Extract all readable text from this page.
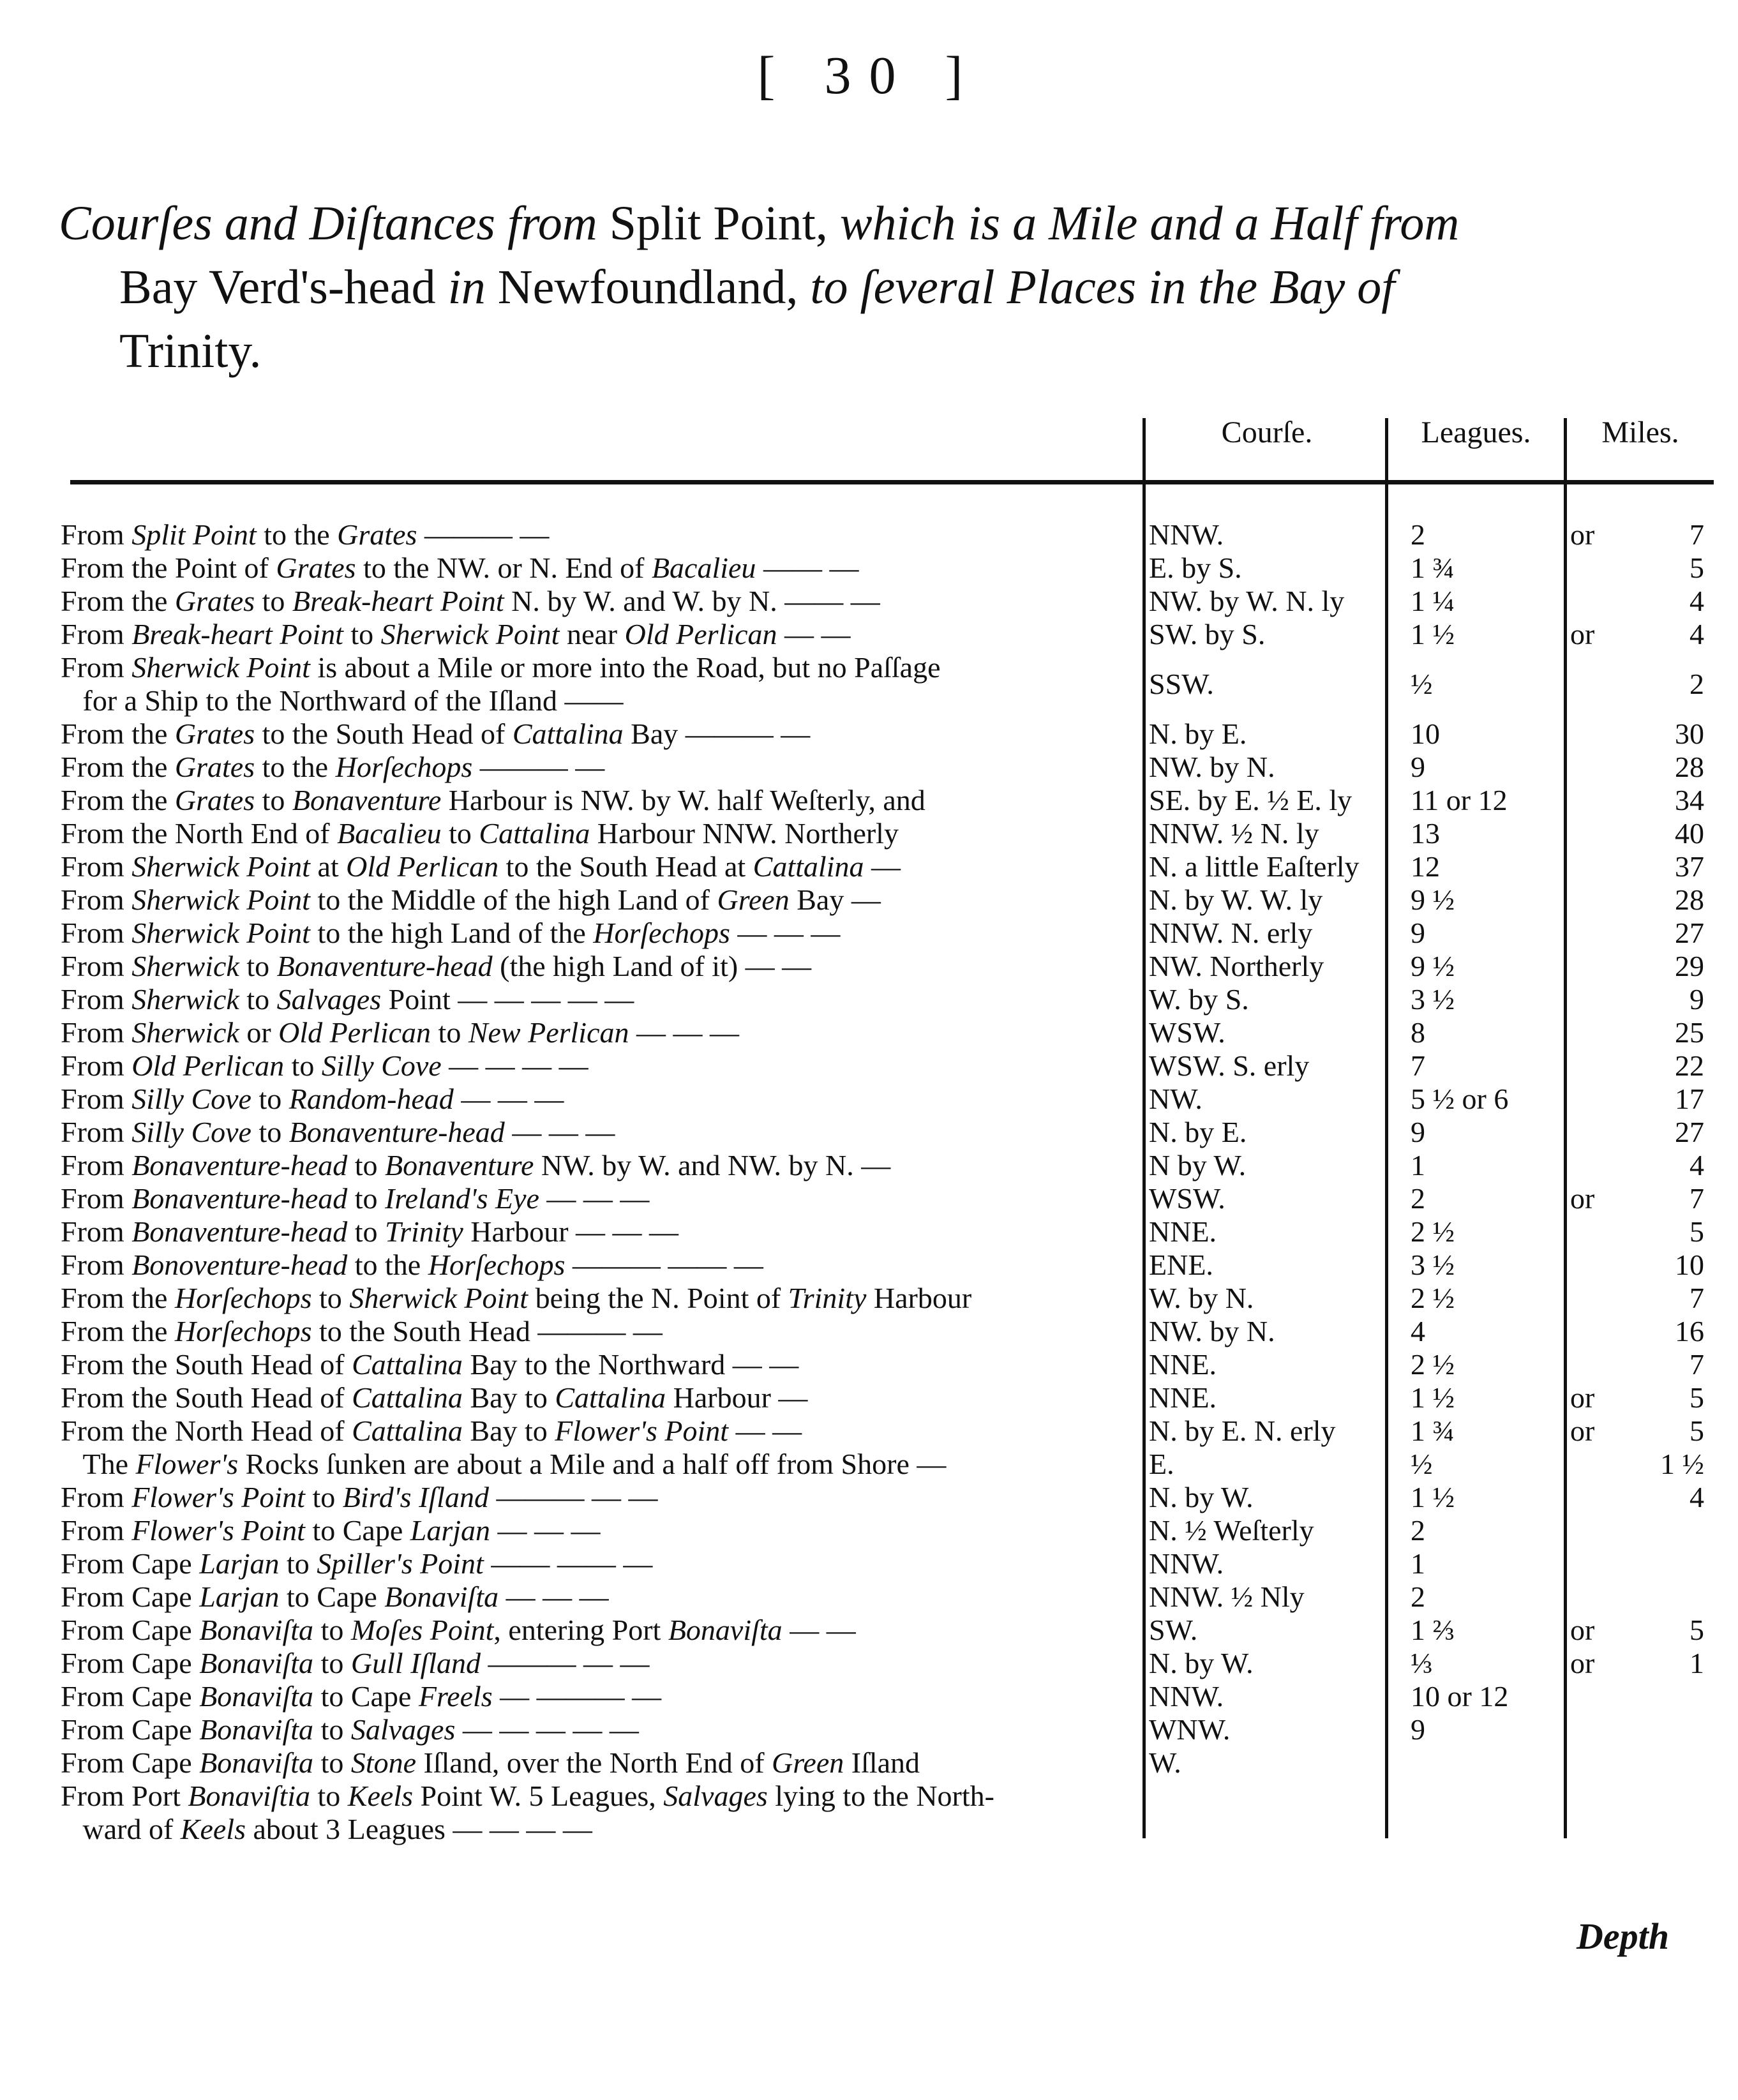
[ 30 ]
Courſes and Diſtances from Split Point, which is a Mile and a Half from
Bay Verd's-head in Newfoundland, to ſeveral Places in the Bay of
Trinity.
Courſe.	Leagues.	Miles.
From Split Point to the Grates ——— —	NNW.	2	or	7
From the Point of Grates to the NW. or N. End of Bacalieu —— —	E. by S.	1 ¾	5
From the Grates to Break-heart Point N. by W. and W. by N. —— —	NW. by W. N. ly	1 ¼	4
From Break-heart Point to Sherwick Point near Old Perlican — —	SW. by S.	1 ½	or	4
From Sherwick Point is about a Mile or more into the Road, but no Paſſage
for a Ship to the Northward of the Iſland ——
SSW.	½	2
From the Grates to the South Head of Cattalina Bay ——— —	N. by E.	10	30
From the Grates to the Horſechops ——— —	NW. by N.	9	28
From the Grates to Bonaventure Harbour is NW. by W. half Weſterly, and	SE. by E. ½ E. ly	11 or 12	34
From the North End of Bacalieu to Cattalina Harbour NNW. Northerly	NNW. ½ N. ly	13	40
From Sherwick Point at Old Perlican to the South Head at Cattalina —	N. a little Eaſterly	12	37
From Sherwick Point to the Middle of the high Land of Green Bay —	N. by W. W. ly	9 ½	28
From Sherwick Point to the high Land of the Horſechops — — —	NNW. N. erly	9	27
From Sherwick to Bonaventure-head (the high Land of it) — —	NW. Northerly	9 ½	29
From Sherwick to Salvages Point — — — — —	W. by S.	3 ½	9
From Sherwick or Old Perlican to New Perlican — — —	WSW.	8	25
From Old Perlican to Silly Cove — — — —	WSW. S. erly	7	22
From Silly Cove to Random-head — — —	NW.	5 ½ or 6	17
From Silly Cove to Bonaventure-head — — —	N. by E.	9	27
From Bonaventure-head to Bonaventure NW. by W. and NW. by N. —	N by W.	1	4
From Bonaventure-head to Ireland's Eye — — —	WSW.	2	or	7
From Bonaventure-head to Trinity Harbour — — —	NNE.	2 ½	5
From Bonoventure-head to the Horſechops ——— —— —	ENE.	3 ½	10
From the Horſechops to Sherwick Point being the N. Point of Trinity Harbour	W. by N.	2 ½	7
From the Horſechops to the South Head ——— —	NW. by N.	4	16
From the South Head of Cattalina Bay to the Northward — —	NNE.	2 ½	7
From the South Head of Cattalina Bay to Cattalina Harbour —	NNE.	1 ½	or	5
From the North Head of Cattalina Bay to Flower's Point — —	N. by E. N. erly	1 ¾	or	5
The Flower's Rocks ſunken are about a Mile and a half off from Shore —	E.	½	1 ½
From Flower's Point to Bird's Iſland ——— — —	N. by W.	1 ½	4
From Flower's Point to Cape Larjan — — —	N. ½ Weſterly	2
From Cape Larjan to Spiller's Point —— —— —	NNW.	1
From Cape Larjan to Cape Bonaviſta — — —	NNW. ½ Nly	2
From Cape Bonaviſta to Moſes Point, entering Port Bonaviſta — —	SW.	1 ⅔	or	5
From Cape Bonaviſta to Gull Iſland ——— — —	N. by W.	⅓	or	1
From Cape Bonaviſta to Cape Freels — ——— —	NNW.	10 or 12
From Cape Bonaviſta to Salvages — — — — —	WNW.	9
From Cape Bonaviſta to Stone Iſland, over the North End of Green Iſland	W.
From Port Bonaviſtia to Keels Point W. 5 Leagues, Salvages lying to the North-
ward of Keels about 3 Leagues — — — —
Depth
